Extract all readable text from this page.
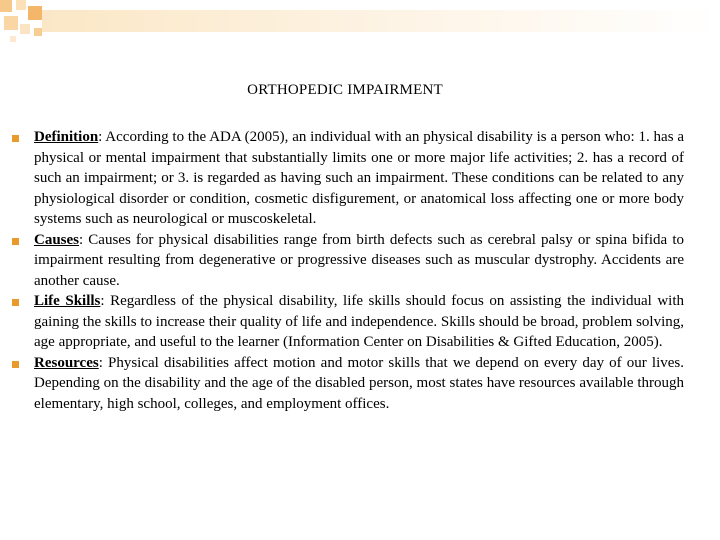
ORTHOPEDIC IMPAIRMENT
Definition: According to the ADA (2005), an individual with an physical disability is a person who: 1. has a physical or mental impairment that substantially limits one or more major life activities; 2. has a record of such an impairment; or 3. is regarded as having such an impairment. These conditions can be related to any physiological disorder or condition, cosmetic disfigurement, or anatomical loss affecting one or more body systems such as neurological or muscoskeletal.
Causes: Causes for physical disabilities range from birth defects such as cerebral palsy or spina bifida to impairment resulting from degenerative or progressive diseases such as muscular dystrophy. Accidents are another cause.
Life Skills: Regardless of the physical disability, life skills should focus on assisting the individual with gaining the skills to increase their quality of life and independence. Skills should be broad, problem solving, age appropriate, and useful to the learner (Information Center on Disabilities & Gifted Education, 2005).
Resources: Physical disabilities affect motion and motor skills that we depend on every day of our lives. Depending on the disability and the age of the disabled person, most states have resources available through elementary, high school, colleges, and employment offices.
